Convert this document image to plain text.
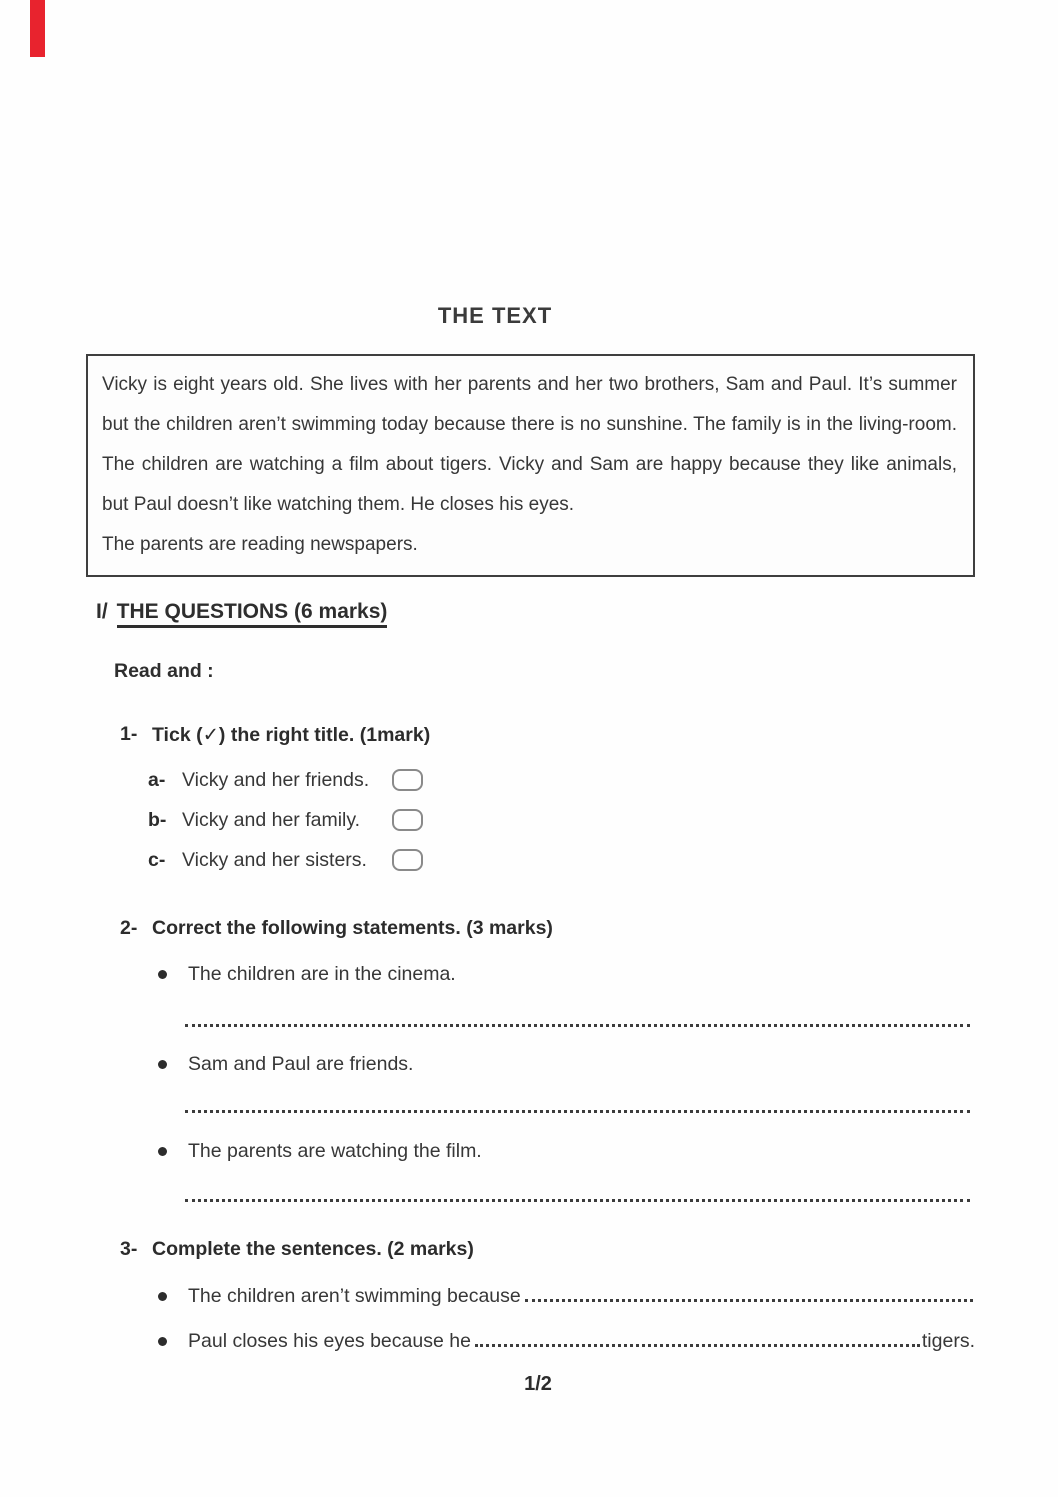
THE TEXT

Vicky is eight years old. She lives with her parents and her two brothers, Sam and Paul. It’s summer but the children aren’t swimming today because there is no sunshine. The family is in the living-room. The children are watching a film about tigers. Vicky and Sam are happy because they like animals, but Paul doesn’t like watching them. He closes his eyes.

The parents are reading newspapers.

I/ THE QUESTIONS (6 marks)
Read and :
1- Tick (✓) the right title. (1mark)
a- Vicky and her friends.
b- Vicky and her family.
c- Vicky and her sisters.
2- Correct the following statements. (3 marks)
The children are in the cinema.
Sam and Paul are friends.
The parents are watching the film.
3- Complete the sentences. (2 marks)
The children aren’t swimming because
Paul closes his eyes because he	tigers.
1/2
